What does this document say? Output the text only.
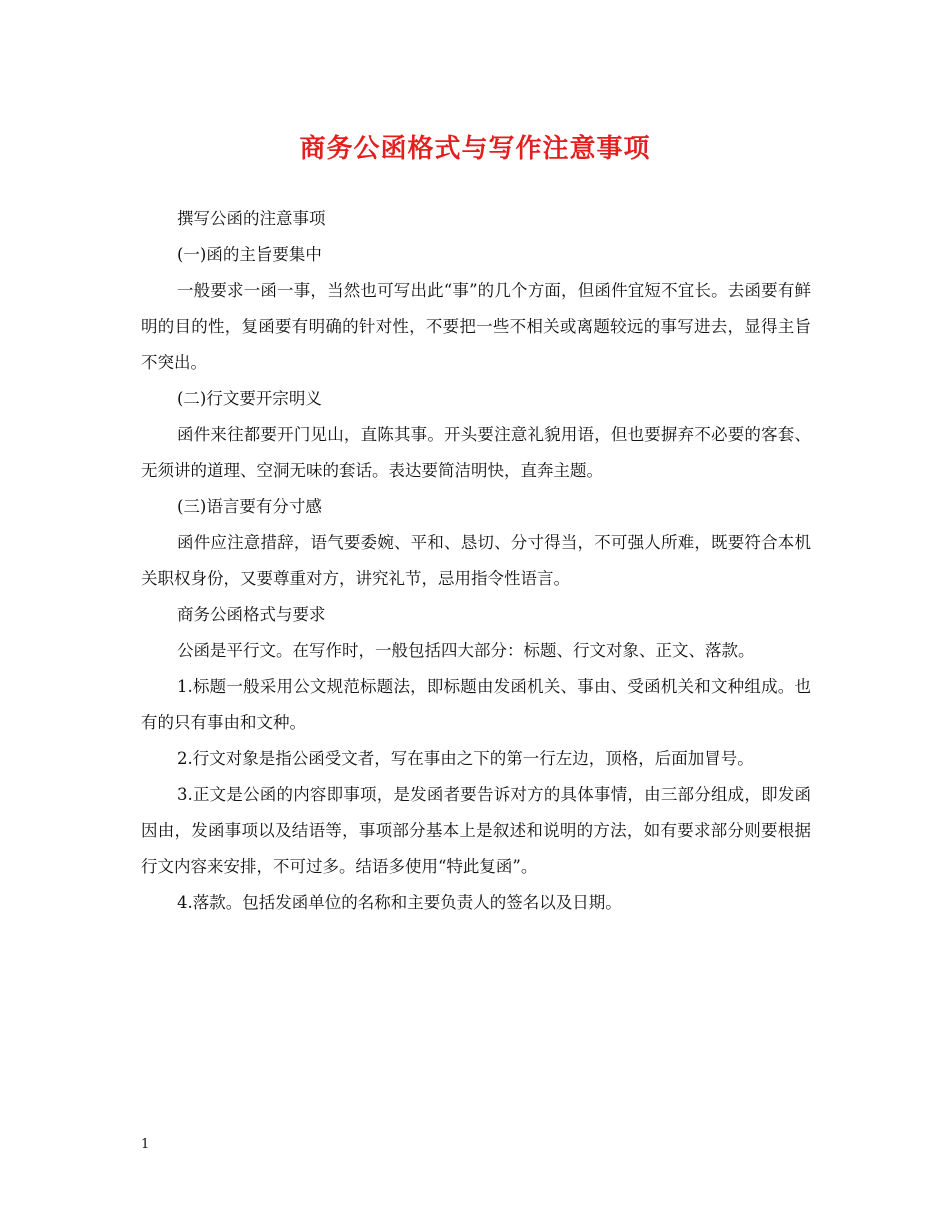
商务公函格式与写作注意事项

撰写公函的注意事项

(一)函的主旨要集中

一般要求一函一事，当然也可写出此“事”的几个方面，但函件宜短不宜长。去函要有鲜明的目的性，复函要有明确的针对性，不要把一些不相关或离题较远的事写进去，显得主旨不突出。

(二)行文要开宗明义

函件来往都要开门见山，直陈其事。开头要注意礼貌用语，但也要摒弃不必要的客套、无须讲的道理、空洞无味的套话。表达要简洁明快，直奔主题。

(三)语言要有分寸感

函件应注意措辞，语气要委婉、平和、恳切、分寸得当，不可强人所难，既要符合本机关职权身份，又要尊重对方，讲究礼节，忌用指令性语言。

商务公函格式与要求

公函是平行文。在写作时，一般包括四大部分：标题、行文对象、正文、落款。

1.标题一般采用公文规范标题法，即标题由发函机关、事由、受函机关和文种组成。也有的只有事由和文种。

2.行文对象是指公函受文者，写在事由之下的第一行左边，顶格，后面加冒号。

3.正文是公函的内容即事项，是发函者要告诉对方的具体事情，由三部分组成，即发函因由，发函事项以及结语等，事项部分基本上是叙述和说明的方法，如有要求部分则要根据行文内容来安排，不可过多。结语多使用“特此复函”。

4.落款。包括发函单位的名称和主要负责人的签名以及日期。

1
